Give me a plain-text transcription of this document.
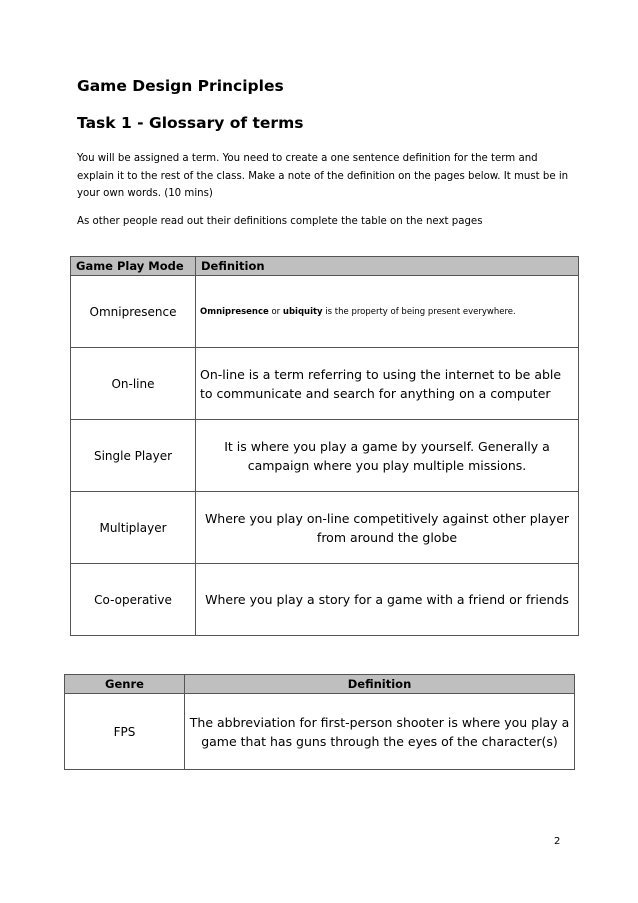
Game Design Principles
Task 1 - Glossary of terms

You will be assigned a term. You need to create a one sentence definition for the term and explain it to the rest of the class. Make a note of the definition on the pages below. It must be in your own words. (10 mins)

As other people read out their definitions complete the table on the next pages

Game Play Mode	Definition
Omnipresence	Omnipresence or ubiquity is the property of being present everywhere.
On-line	On-line is a term referring to using the internet to be able to communicate and search for anything on a computer
Single Player	It is where you play a game by yourself. Generally a campaign where you play multiple missions.
Multiplayer	Where you play on-line competitively against other player from around the globe
Co-operative	Where you play a story for a game with a friend or friends
Genre	Definition
FPS	The abbreviation for first-person shooter is where you play a game that has guns through the eyes of the character(s)
2
